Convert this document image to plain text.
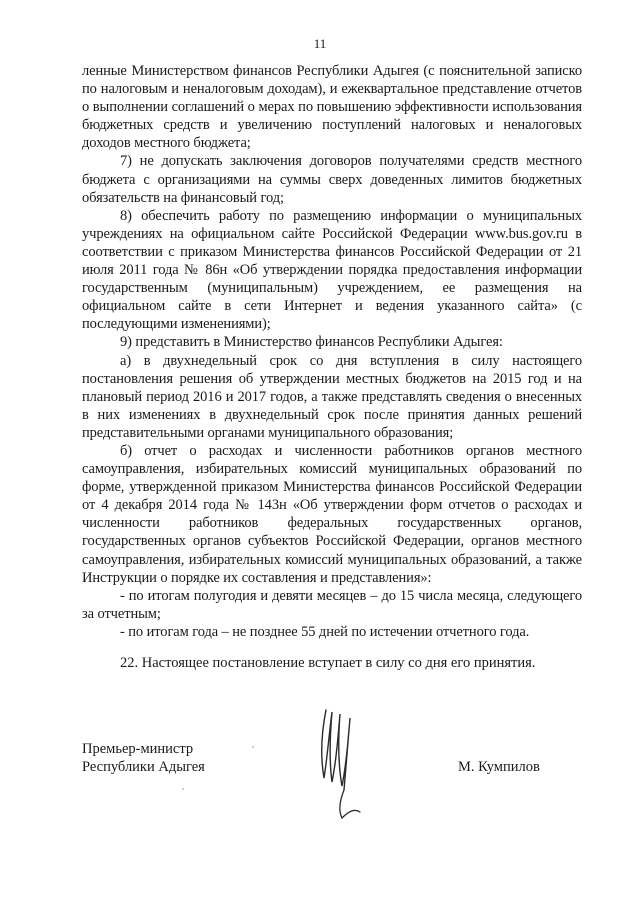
11

ленные Министерством финансов Республики Адыгея (с пояснительной записко по налоговым и неналоговым доходам), и ежеквартальное представление отчетов о выполнении соглашений о мерах по повышению эффективности использования бюджетных средств и увеличению поступлений налоговых и неналоговых доходов местного бюджета;

7) не допускать заключения договоров получателями средств местного бюджета с организациями на суммы сверх доведенных лимитов бюджетных обязательств на финансовый год;

8) обеспечить работу по размещению информации о муниципальных учреждениях на официальном сайте Российской Федерации www.bus.gov.ru в соответствии с приказом Министерства финансов Российской Федерации от 21 июля 2011 года № 86н «Об утверждении порядка предоставления информации государственным (муниципальным) учреждением, ее размещения на официальном сайте в сети Интернет и ведения указанного сайта» (с последующими изменениями);

9) представить в Министерство финансов Республики Адыгея:

а) в двухнедельный срок со дня вступления в силу настоящего постановления решения об утверждении местных бюджетов на 2015 год и на плановый период 2016 и 2017 годов, а также представлять сведения о внесенных в них изменениях в двухнедельный срок после принятия данных решений представительными органами муниципального образования;

б) отчет о расходах и численности работников органов местного самоуправления, избирательных комиссий муниципальных образований по форме, утвержденной приказом Министерства финансов Российской Федерации от 4 декабря 2014 года № 143н «Об утверждении форм отчетов о расходах и численности работников федеральных государственных органов, государственных органов субъектов Российской Федерации, органов местного самоуправления, избирательных комиссий муниципальных образований, а также Инструкции о порядке их составления и представления»:

- по итогам полугодия и девяти месяцев – до 15 числа месяца, следующего за отчетным;

- по итогам года – не позднее 55 дней по истечении отчетного года.

22. Настоящее постановление вступает в силу со дня его принятия.

Премьер-министр
Республики Адыгея	М. Кумпилов
